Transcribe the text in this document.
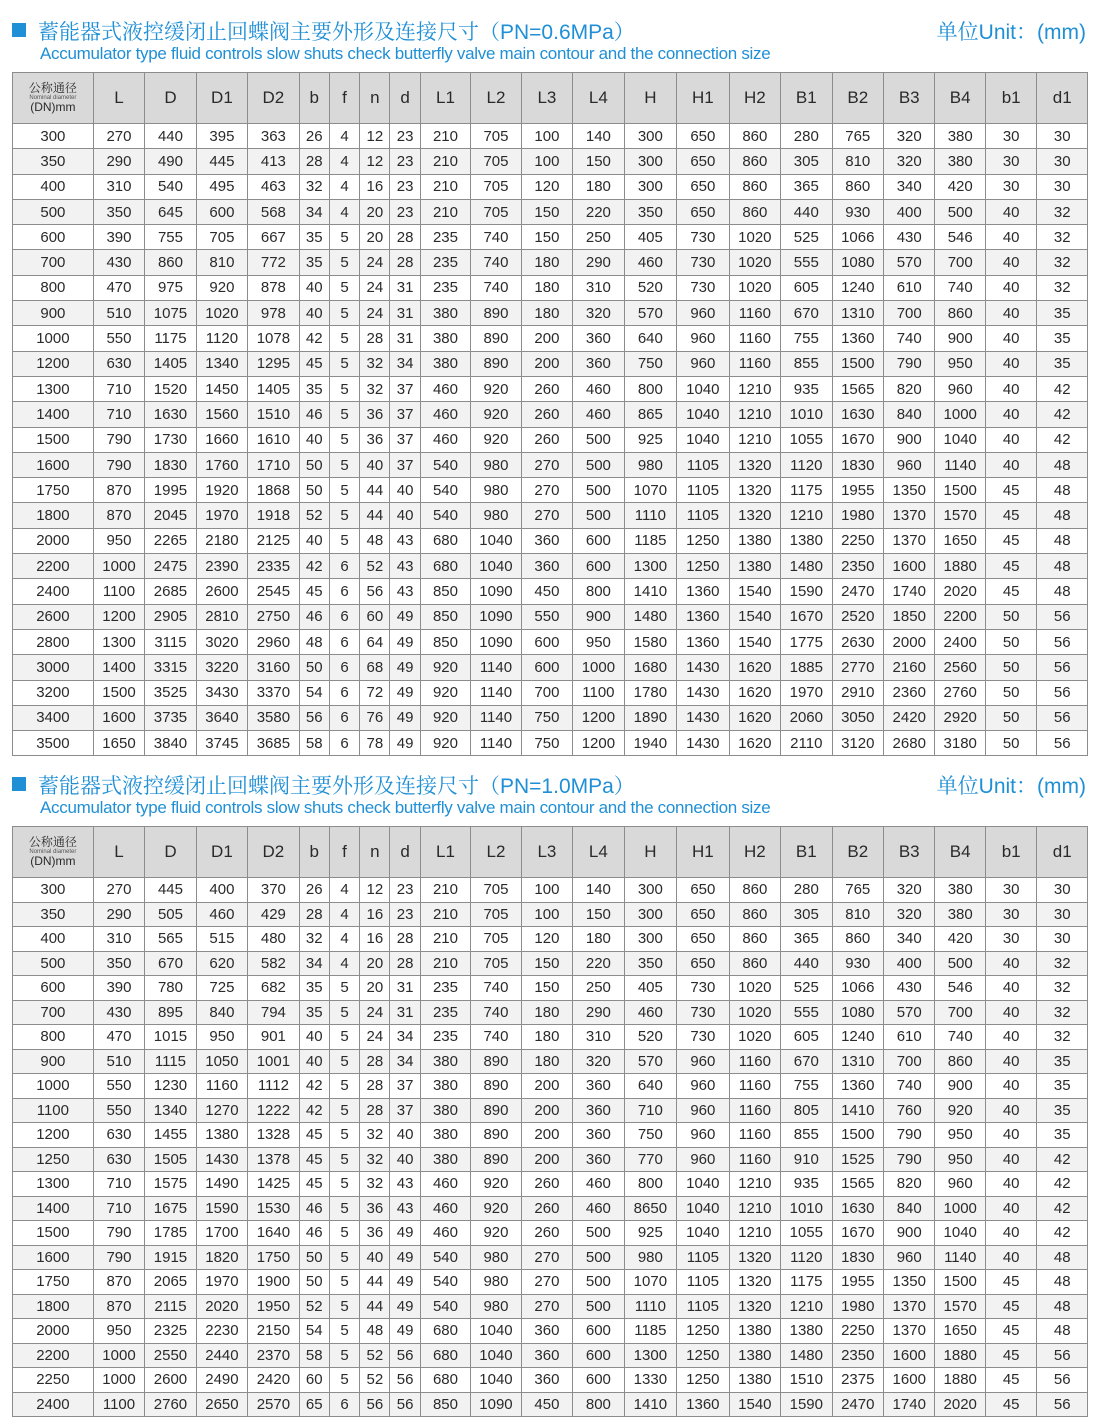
蓄能器式液控缓闭止回蝶阀主要外形及连接尺寸（PN=0.6MPa）
Accumulator type fluid controls slow shuts check butterfly valve main contour and the connection size
单位Unit：(mm)
公称通径
Nominal diameter
(DN)mm	L	D	D1	D2	b	f	n	d	L1	L2	L3	L4	H	H1	H2	B1	B2	B3	B4	b1	d1
300	270	440	395	363	26	4	12	23	210	705	100	140	300	650	860	280	765	320	380	30	30
350	290	490	445	413	28	4	12	23	210	705	100	150	300	650	860	305	810	320	380	30	30
400	310	540	495	463	32	4	16	23	210	705	120	180	300	650	860	365	860	340	420	30	30
500	350	645	600	568	34	4	20	23	210	705	150	220	350	650	860	440	930	400	500	40	32
600	390	755	705	667	35	5	20	28	235	740	150	250	405	730	1020	525	1066	430	546	40	32
700	430	860	810	772	35	5	24	28	235	740	180	290	460	730	1020	555	1080	570	700	40	32
800	470	975	920	878	40	5	24	31	235	740	180	310	520	730	1020	605	1240	610	740	40	32
900	510	1075	1020	978	40	5	24	31	380	890	180	320	570	960	1160	670	1310	700	860	40	35
1000	550	1175	1120	1078	42	5	28	31	380	890	200	360	640	960	1160	755	1360	740	900	40	35
1200	630	1405	1340	1295	45	5	32	34	380	890	200	360	750	960	1160	855	1500	790	950	40	35
1300	710	1520	1450	1405	35	5	32	37	460	920	260	460	800	1040	1210	935	1565	820	960	40	42
1400	710	1630	1560	1510	46	5	36	37	460	920	260	460	865	1040	1210	1010	1630	840	1000	40	42
1500	790	1730	1660	1610	40	5	36	37	460	920	260	500	925	1040	1210	1055	1670	900	1040	40	42
1600	790	1830	1760	1710	50	5	40	37	540	980	270	500	980	1105	1320	1120	1830	960	1140	40	48
1750	870	1995	1920	1868	50	5	44	40	540	980	270	500	1070	1105	1320	1175	1955	1350	1500	45	48
1800	870	2045	1970	1918	52	5	44	40	540	980	270	500	1110	1105	1320	1210	1980	1370	1570	45	48
2000	950	2265	2180	2125	40	5	48	43	680	1040	360	600	1185	1250	1380	1380	2250	1370	1650	45	48
2200	1000	2475	2390	2335	42	6	52	43	680	1040	360	600	1300	1250	1380	1480	2350	1600	1880	45	48
2400	1100	2685	2600	2545	45	6	56	43	850	1090	450	800	1410	1360	1540	1590	2470	1740	2020	45	48
2600	1200	2905	2810	2750	46	6	60	49	850	1090	550	900	1480	1360	1540	1670	2520	1850	2200	50	56
2800	1300	3115	3020	2960	48	6	64	49	850	1090	600	950	1580	1360	1540	1775	2630	2000	2400	50	56
3000	1400	3315	3220	3160	50	6	68	49	920	1140	600	1000	1680	1430	1620	1885	2770	2160	2560	50	56
3200	1500	3525	3430	3370	54	6	72	49	920	1140	700	1100	1780	1430	1620	1970	2910	2360	2760	50	56
3400	1600	3735	3640	3580	56	6	76	49	920	1140	750	1200	1890	1430	1620	2060	3050	2420	2920	50	56
3500	1650	3840	3745	3685	58	6	78	49	920	1140	750	1200	1940	1430	1620	2110	3120	2680	3180	50	56
蓄能器式液控缓闭止回蝶阀主要外形及连接尺寸（PN=1.0MPa）
Accumulator type fluid controls slow shuts check butterfly valve main contour and the connection size
单位Unit：(mm)
公称通径
Nominal diameter
(DN)mm	L	D	D1	D2	b	f	n	d	L1	L2	L3	L4	H	H1	H2	B1	B2	B3	B4	b1	d1
300	270	445	400	370	26	4	12	23	210	705	100	140	300	650	860	280	765	320	380	30	30
350	290	505	460	429	28	4	16	23	210	705	100	150	300	650	860	305	810	320	380	30	30
400	310	565	515	480	32	4	16	28	210	705	120	180	300	650	860	365	860	340	420	30	30
500	350	670	620	582	34	4	20	28	210	705	150	220	350	650	860	440	930	400	500	40	32
600	390	780	725	682	35	5	20	31	235	740	150	250	405	730	1020	525	1066	430	546	40	32
700	430	895	840	794	35	5	24	31	235	740	180	290	460	730	1020	555	1080	570	700	40	32
800	470	1015	950	901	40	5	24	34	235	740	180	310	520	730	1020	605	1240	610	740	40	32
900	510	1115	1050	1001	40	5	28	34	380	890	180	320	570	960	1160	670	1310	700	860	40	35
1000	550	1230	1160	1112	42	5	28	37	380	890	200	360	640	960	1160	755	1360	740	900	40	35
1100	550	1340	1270	1222	42	5	28	37	380	890	200	360	710	960	1160	805	1410	760	920	40	35
1200	630	1455	1380	1328	45	5	32	40	380	890	200	360	750	960	1160	855	1500	790	950	40	35
1250	630	1505	1430	1378	45	5	32	40	380	890	200	360	770	960	1160	910	1525	790	950	40	42
1300	710	1575	1490	1425	45	5	32	43	460	920	260	460	800	1040	1210	935	1565	820	960	40	42
1400	710	1675	1590	1530	46	5	36	43	460	920	260	460	8650	1040	1210	1010	1630	840	1000	40	42
1500	790	1785	1700	1640	46	5	36	49	460	920	260	500	925	1040	1210	1055	1670	900	1040	40	42
1600	790	1915	1820	1750	50	5	40	49	540	980	270	500	980	1105	1320	1120	1830	960	1140	40	48
1750	870	2065	1970	1900	50	5	44	49	540	980	270	500	1070	1105	1320	1175	1955	1350	1500	45	48
1800	870	2115	2020	1950	52	5	44	49	540	980	270	500	1110	1105	1320	1210	1980	1370	1570	45	48
2000	950	2325	2230	2150	54	5	48	49	680	1040	360	600	1185	1250	1380	1380	2250	1370	1650	45	48
2200	1000	2550	2440	2370	58	5	52	56	680	1040	360	600	1300	1250	1380	1480	2350	1600	1880	45	56
2250	1000	2600	2490	2420	60	5	52	56	680	1040	360	600	1330	1250	1380	1510	2375	1600	1880	45	56
2400	1100	2760	2650	2570	65	6	56	56	850	1090	450	800	1410	1360	1540	1590	2470	1740	2020	45	56
